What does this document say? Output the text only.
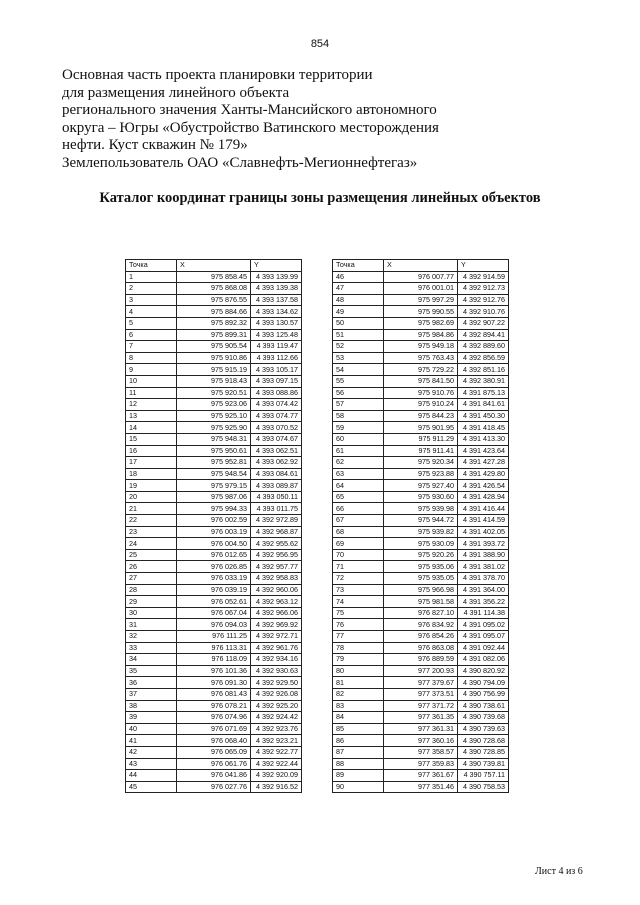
854
Основная часть проекта планировки территории
для размещения линейного объекта
регионального значения Ханты-Мансийского автономного
округа – Югры «Обустройство Ватинского месторождения
нефти. Куст скважин № 179»
Землепользователь ОАО «Славнефть-Мегионнефтегаз»
Каталог координат границы зоны размещения линейных объектов
Точка	X	Y
1	975 858.45	4 393 139.99
2	975 868.08	4 393 139.38
3	975 876.55	4 393 137.58
4	975 884.66	4 393 134.62
5	975 892.32	4 393 130.57
6	975 899.31	4 393 125.48
7	975 905.54	4 393 119.47
8	975 910.86	4 393 112.66
9	975 915.19	4 393 105.17
10	975 918.43	4 393 097.15
11	975 920.51	4 393 088.86
12	975 923.06	4 393 074.42
13	975 925.10	4 393 074.77
14	975 925.90	4 393 070.52
15	975 948.31	4 393 074.67
16	975 950.61	4 393 062.51
17	975 952.81	4 393 062.92
18	975 948.54	4 393 084.61
19	975 979.15	4 393 089.87
20	975 987.06	4 393 050.11
21	975 994.33	4 393 011.75
22	976 002.59	4 392 972.89
23	976 003.19	4 392 968.87
24	976 004.50	4 392 955.62
25	976 012.65	4 392 956.95
26	976 026.85	4 392 957.77
27	976 033.19	4 392 958.83
28	976 039.19	4 392 960.06
29	976 052.61	4 392 963.12
30	976 067.04	4 392 966.06
31	976 094.03	4 392 969.92
32	976 111.25	4 392 972.71
33	976 113.31	4 392 961.76
34	976 118.09	4 392 934.16
35	976 101.36	4 392 930.63
36	976 091.30	4 392 929.50
37	976 081.43	4 392 926.08
38	976 078.21	4 392 925.20
39	976 074.96	4 392 924.42
40	976 071.69	4 392 923.76
41	976 068.40	4 392 923.21
42	976 065.09	4 392 922.77
43	976 061.76	4 392 922.44
44	976 041.86	4 392 920.09
45	976 027.76	4 392 916.52
Точка	X	Y
46	976 007.77	4 392 914.59
47	976 001.01	4 392 912.73
48	975 997.29	4 392 912.76
49	975 990.55	4 392 910.76
50	975 982.69	4 392 907.22
51	975 984.86	4 392 894.41
52	975 949.18	4 392 889.60
53	975 763.43	4 392 856.59
54	975 729.22	4 392 851.16
55	975 841.50	4 392 380.91
56	975 910.76	4 391 875.13
57	975 910.24	4 391 841.61
58	975 844.23	4 391 450.30
59	975 901.95	4 391 418.45
60	975 911.29	4 391 413.30
61	975 911.41	4 391 423.64
62	975 920.34	4 391 427.28
63	975 923.88	4 391 429.80
64	975 927.40	4 391 426.54
65	975 930.60	4 391 428.94
66	975 939.98	4 391 416.44
67	975 944.72	4 391 414.59
68	975 939.82	4 391 402.05
69	975 930.09	4 391 393.72
70	975 920.26	4 391 388.90
71	975 935.06	4 391 381.02
72	975 935.05	4 391 378.70
73	975 966.98	4 391 364.00
74	975 981.58	4 391 356.22
75	976 827.10	4 391 114.38
76	976 834.92	4 391 095.02
77	976 854.26	4 391 095.07
78	976 863.08	4 391 092.44
79	976 889.59	4 391 082.06
80	977 200.93	4 390 820.92
81	977 379.67	4 390 794.09
82	977 373.51	4 390 756.99
83	977 371.72	4 390 738.61
84	977 361.35	4 390 739.68
85	977 361.31	4 390 739.63
86	977 360.16	4 390 728.68
87	977 358.57	4 390 728.85
88	977 359.83	4 390 739.81
89	977 361.67	4 390 757.11
90	977 351.46	4 390 758.53
Лист 4 из 6
